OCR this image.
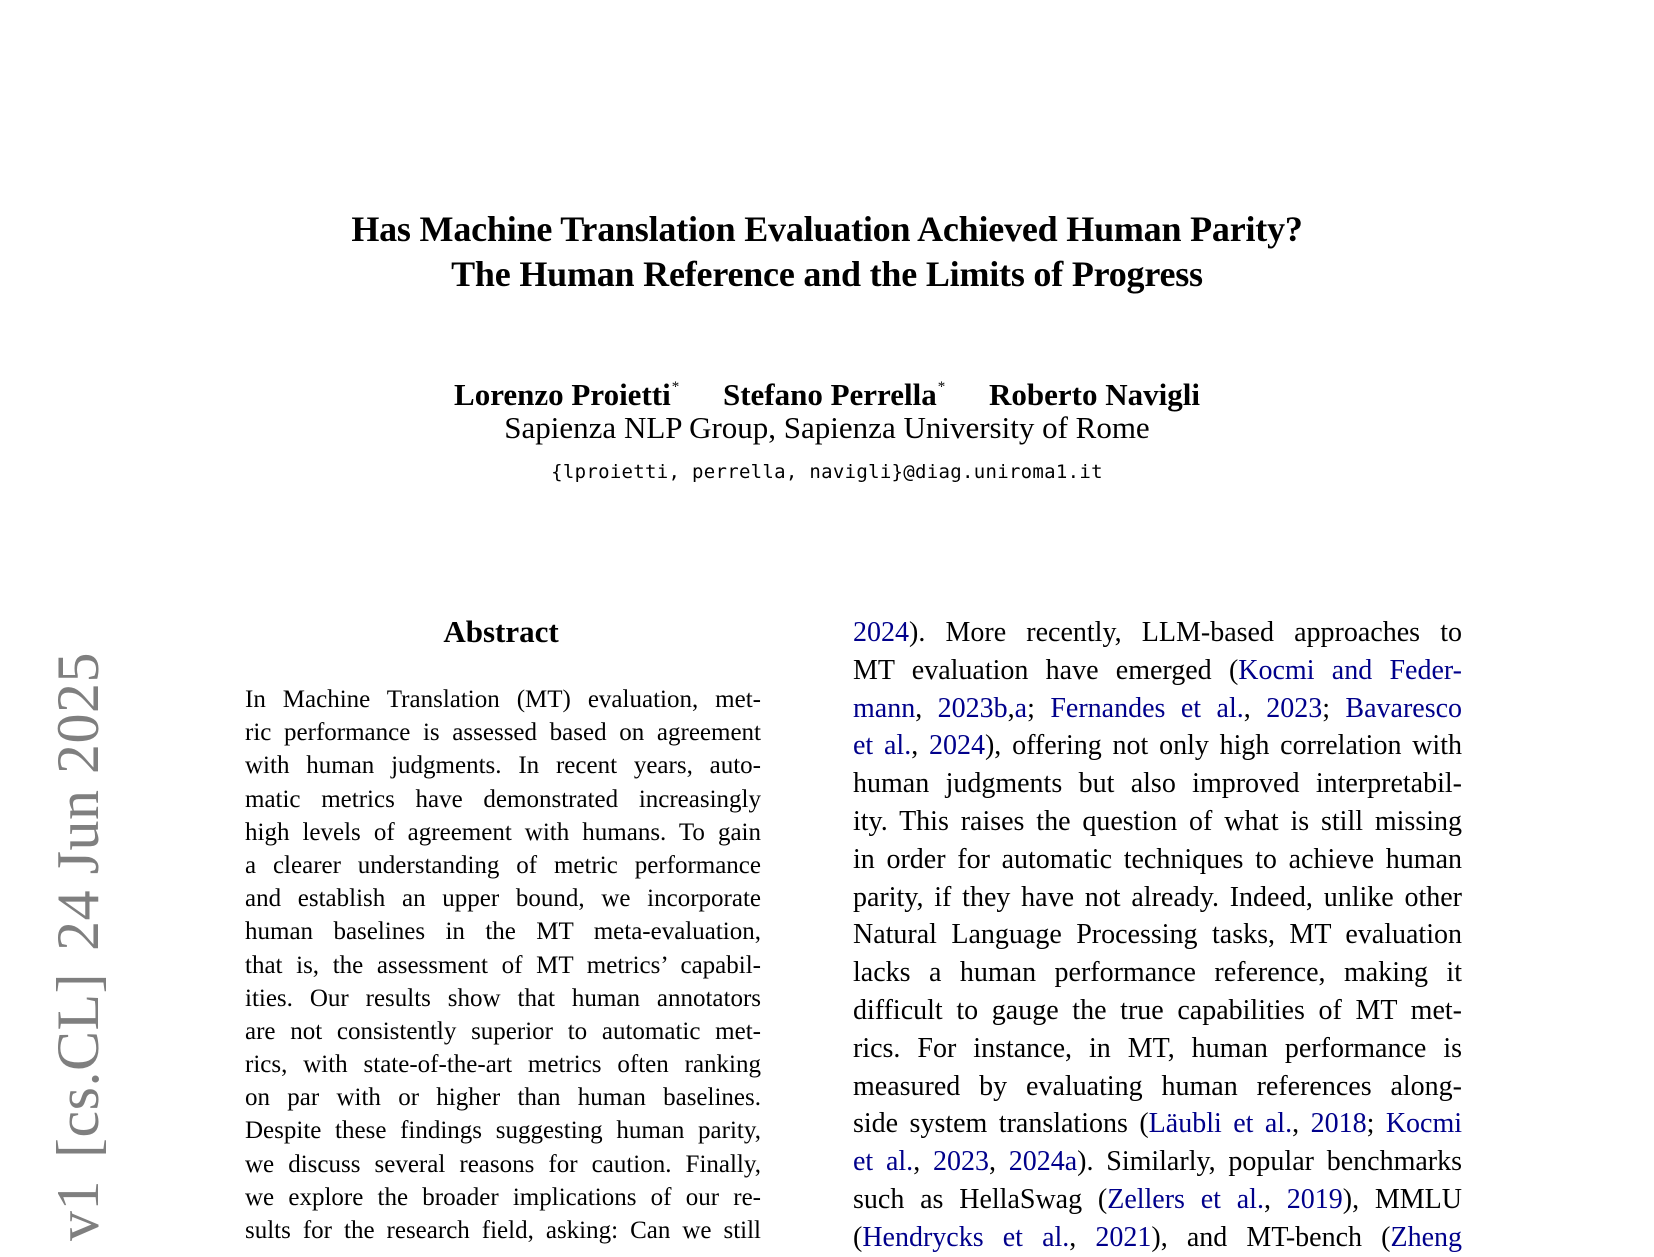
Has Machine Translation Evaluation Achieved Human Parity?
The Human Reference and the Limits of Progress
Lorenzo Proietti* Stefano Perrella* Roberto Navigli
Sapienza NLP Group, Sapienza University of Rome
{lproietti, perrella, navigli}@diag.uniroma1.it
v1[cs.CL]24 Jun 2025
Abstract
In Machine Translation (MT) evaluation, met-
ric performance is assessed based on agreement
with human judgments. In recent years, auto-
matic metrics have demonstrated increasingly
high levels of agreement with humans. To gain
a clearer understanding of metric performance
and establish an upper bound, we incorporate
human baselines in the MT meta-evaluation,
that is, the assessment of MT metrics’ capabil-
ities. Our results show that human annotators
are not consistently superior to automatic met-
rics, with state-of-the-art metrics often ranking
on par with or higher than human baselines.
Despite these findings suggesting human parity,
we discuss several reasons for caution. Finally,
we explore the broader implications of our re-
sults for the research field, asking: Can we still
2024). More recently, LLM-based approaches to
MT evaluation have emerged (Kocmi and Feder-
mann, 2023b,a; Fernandes et al., 2023; Bavaresco
et al., 2024), offering not only high correlation with
human judgments but also improved interpretabil-
ity. This raises the question of what is still missing
in order for automatic techniques to achieve human
parity, if they have not already. Indeed, unlike other
Natural Language Processing tasks, MT evaluation
lacks a human performance reference, making it
difficult to gauge the true capabilities of MT met-
rics. For instance, in MT, human performance is
measured by evaluating human references along-
side system translations (Läubli et al., 2018; Kocmi
et al., 2023, 2024a). Similarly, popular benchmarks
such as HellaSwag (Zellers et al., 2019), MMLU
(Hendrycks et al., 2021), and MT-bench (Zheng
